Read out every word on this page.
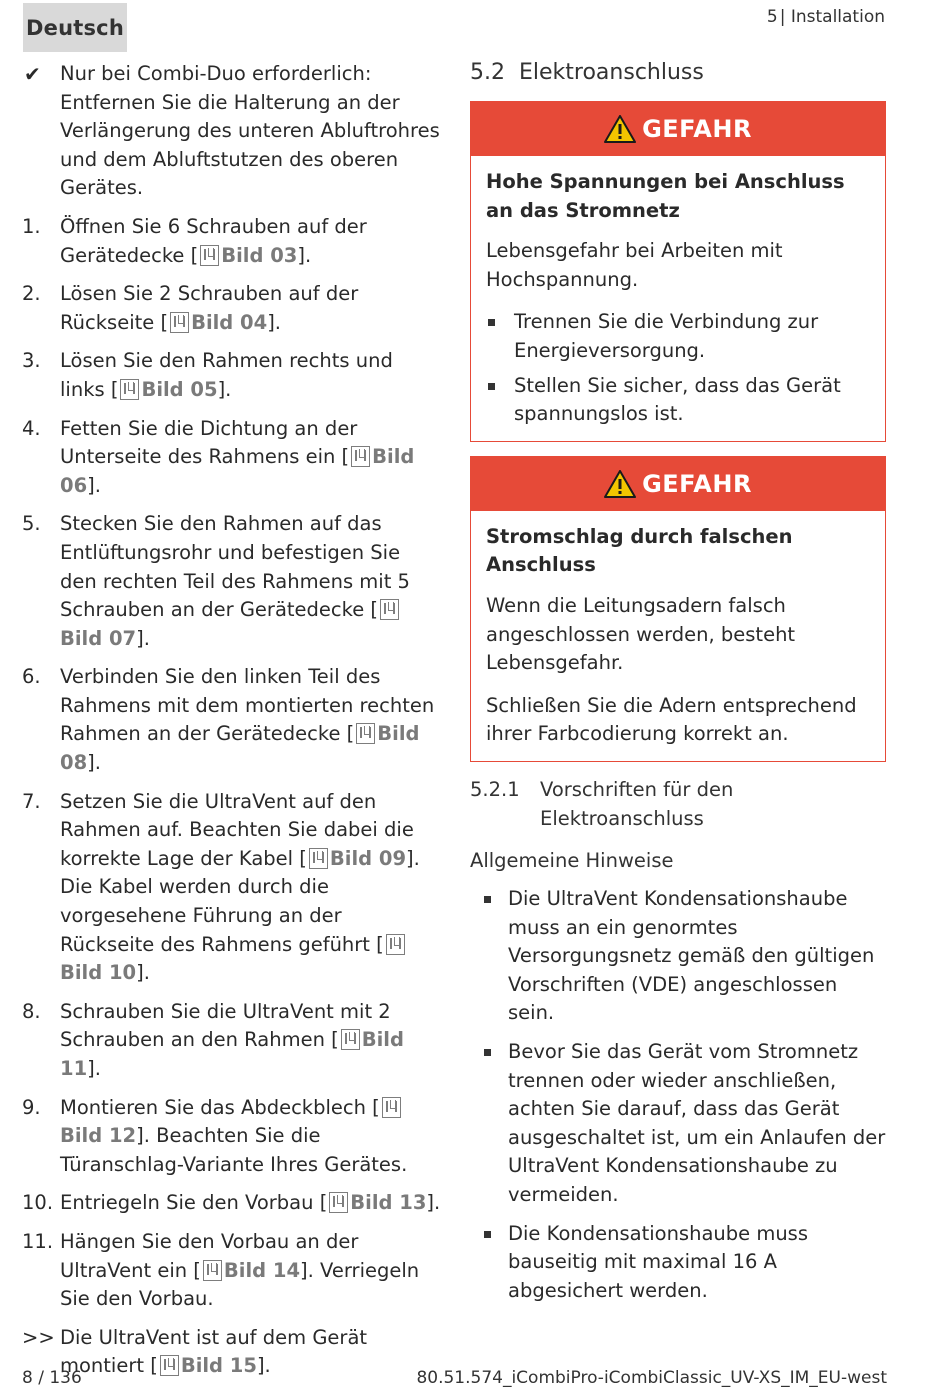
Deutsch	5 | Installation
✔ Nur bei Combi-Duo erforderlich: Entfernen Sie die Halterung an der Verlängerung des unteren Abluftrohres und dem Abluftstutzen des oberen Gerätes.
1. Öffnen Sie 6 Schrauben auf der Gerätedecke [ Bild 03].
2. Lösen Sie 2 Schrauben auf der Rückseite [ Bild 04].
3. Lösen Sie den Rahmen rechts und links [ Bild 05].
4. Fetten Sie die Dichtung an der Unterseite des Rahmens ein [ Bild 06].
5. Stecken Sie den Rahmen auf das Entlüftungsrohr und befestigen Sie den rechten Teil des Rahmens mit 5 Schrauben an der Gerätedecke [
Bild 07].
6. Verbinden Sie den linken Teil des Rahmens mit dem montierten rechten Rahmen an der Gerätedecke [ Bild 08].
7. Setzen Sie die UltraVent auf den Rahmen auf. Beachten Sie dabei die korrekte Lage der Kabel [ Bild 09]. Die Kabel werden durch die vorgesehene Führung an der Rückseite des Rahmens geführt [
Bild 10].
8. Schrauben Sie die UltraVent mit 2 Schrauben an den Rahmen [ Bild 11].
9. Montieren Sie das Abdeckblech [
Bild 12]. Beachten Sie die Türanschlag-Variante Ihres Gerätes.
10. Entriegeln Sie den Vorbau [ Bild 13].
11. Hängen Sie den Vorbau an der UltraVent ein [ Bild 14]. Verriegeln Sie den Vorbau.
>> Die UltraVent ist auf dem Gerät montiert [ Bild 15].
5.2 Elektroanschluss
GEFAHR
Hohe Spannungen bei Anschluss an das Stromnetz

Lebensgefahr bei Arbeiten mit Hochspannung.

Trennen Sie die Verbindung zur Energieversorgung.
Stellen Sie sicher, dass das Gerät spannungslos ist.
GEFAHR
Stromschlag durch falschen Anschluss

Wenn die Leitungsadern falsch angeschlossen werden, besteht Lebensgefahr.

Schließen Sie die Adern entsprechend ihrer Farbcodierung korrekt an.

5.2.1 Vorschriften für den Elektroanschluss
Allgemeine Hinweise
Die UltraVent Kondensationshaube muss an ein genormtes Versorgungsnetz gemäß den gültigen Vorschriften (VDE) angeschlossen sein.
Bevor Sie das Gerät vom Stromnetz trennen oder wieder anschließen, achten Sie darauf, dass das Gerät ausgeschaltet ist, um ein Anlaufen der UltraVent Kondensationshaube zu vermeiden.
Die Kondensationshaube muss bauseitig mit maximal 16 A abgesichert werden.
8 / 136	80.51.574_iCombiPro-iCombiClassic_UV-XS_IM_EU-west
